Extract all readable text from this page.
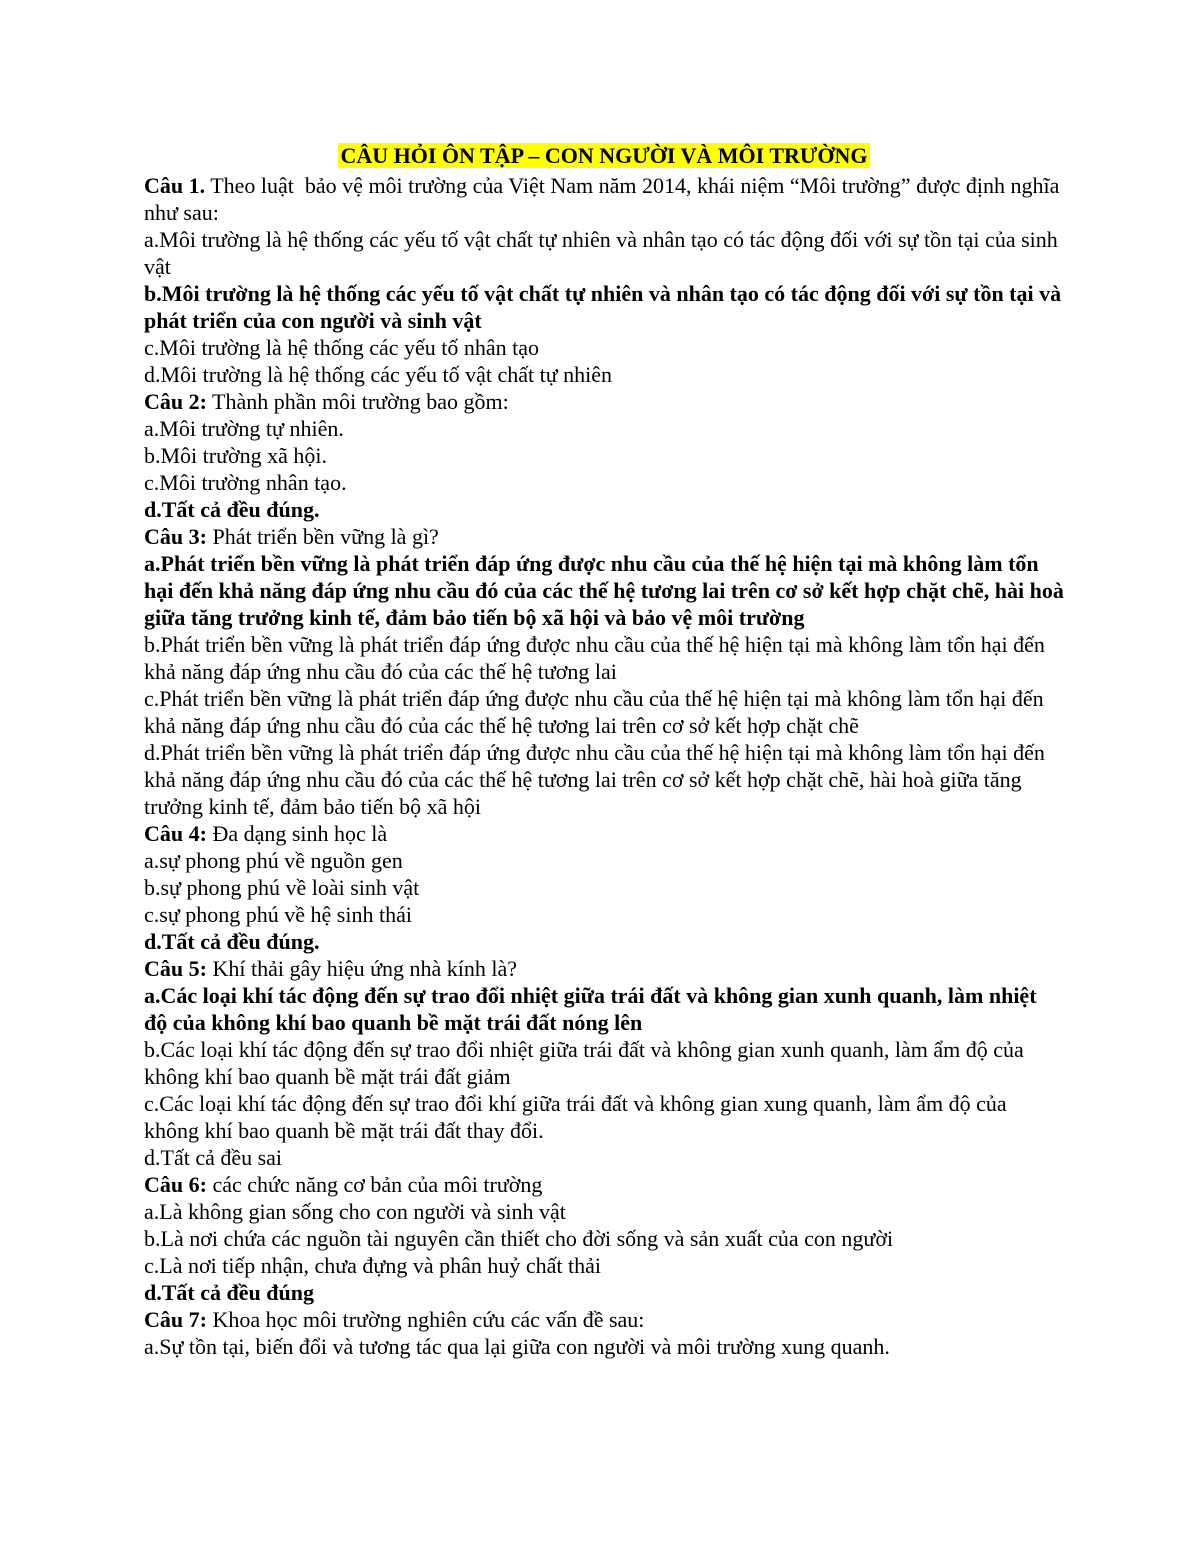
CÂU HỎI ÔN TẬP – CON NGƯỜI VÀ MÔI TRƯỜNG
Câu 1. Theo luật  bảo vệ môi trường của Việt Nam năm 2014, khái niệm “Môi trường” được định nghĩa như sau:
a.Môi trường là hệ thống các yếu tố vật chất tự nhiên và nhân tạo có tác động đối với sự tồn tại của sinh vật
b.Môi trường là hệ thống các yếu tố vật chất tự nhiên và nhân tạo có tác động đối với sự tồn tại và phát triển của con người và sinh vật
c.Môi trường là hệ thống các yếu tố nhân tạo
d.Môi trường là hệ thống các yếu tố vật chất tự nhiên
Câu 2: Thành phần môi trường bao gồm:
a.Môi trường tự nhiên.
b.Môi trường xã hội.
c.Môi trường nhân tạo.
d.Tất cả đều đúng.
Câu 3: Phát triển bền vững là gì?
a.Phát triển bền vững là phát triển đáp ứng được nhu cầu của thế hệ hiện tại mà không làm tổn hại đến khả năng đáp ứng nhu cầu đó của các thế hệ tương lai trên cơ sở kết hợp chặt chẽ, hài hoà giữa tăng trưởng kinh tế, đảm bảo tiến bộ xã hội và bảo vệ môi trường
b.Phát triển bền vững là phát triển đáp ứng được nhu cầu của thế hệ hiện tại mà không làm tổn hại đến khả năng đáp ứng nhu cầu đó của các thế hệ tương lai
c.Phát triển bền vững là phát triển đáp ứng được nhu cầu của thế hệ hiện tại mà không làm tổn hại đến khả năng đáp ứng nhu cầu đó của các thế hệ tương lai trên cơ sở kết hợp chặt chẽ
d.Phát triển bền vững là phát triển đáp ứng được nhu cầu của thế hệ hiện tại mà không làm tổn hại đến khả năng đáp ứng nhu cầu đó của các thế hệ tương lai trên cơ sở kết hợp chặt chẽ, hài hoà giữa tăng trưởng kinh tế, đảm bảo tiến bộ xã hội
Câu 4: Đa dạng sinh học là
a.sự phong phú về nguồn gen
b.sự phong phú về loài sinh vật
c.sự phong phú về hệ sinh thái
d.Tất cả đều đúng.
Câu 5: Khí thải gây hiệu ứng nhà kính là?
a.Các loại khí tác động đến sự trao đổi nhiệt giữa trái đất và không gian xunh quanh, làm nhiệt độ của không khí bao quanh bề mặt trái đất nóng lên
b.Các loại khí tác động đến sự trao đổi nhiệt giữa trái đất và không gian xunh quanh, làm ẩm độ của không khí bao quanh bề mặt trái đất giảm
c.Các loại khí tác động đến sự trao đổi khí giữa trái đất và không gian xung quanh, làm ẩm độ của không khí bao quanh bề mặt trái đất thay đổi.
d.Tất cả đều sai
Câu 6: các chức năng cơ bản của môi trường
a.Là không gian sống cho con người và sinh vật
b.Là nơi chứa các nguồn tài nguyên cần thiết cho đời sống và sản xuất của con người
c.Là nơi tiếp nhận, chưa đựng và phân huỷ chất thải
d.Tất cả đều đúng
Câu 7: Khoa học môi trường nghiên cứu các vấn đề sau:
a.Sự tồn tại, biến đổi và tương tác qua lại giữa con người và môi trường xung quanh.
